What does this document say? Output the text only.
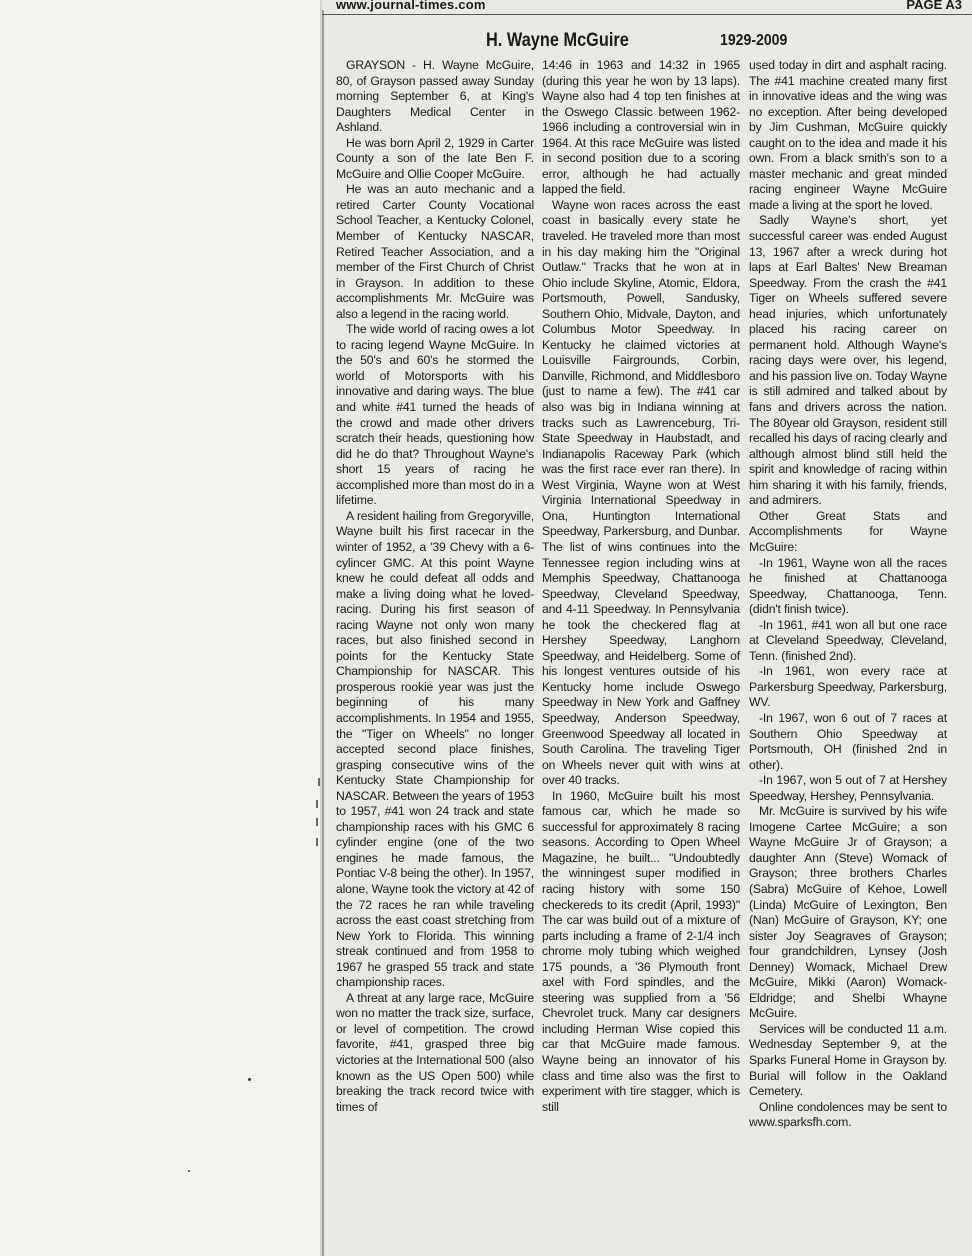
www.journal-times.com	PAGE A3
H. Wayne McGuire	1929-2009

GRAYSON - H. Wayne McGuire, 80, of Grayson passed away Sunday morning September 6, at King's Daughters Medical Center in Ashland.

He was born April 2, 1929 in Carter County a son of the late Ben F. McGuire and Ollie Cooper McGuire.

He was an auto mechanic and a retired Carter County Vocational School Teacher, a Kentucky Colonel, Member of Kentucky NASCAR, Retired Teacher Association, and a member of the First Church of Christ in Grayson. In addition to these accomplishments Mr. McGuire was also a legend in the racing world.

The wide world of racing owes a lot to racing legend Wayne McGuire. In the 50's and 60's he stormed the world of Motorsports with his innovative and daring ways. The blue and white #41 turned the heads of the crowd and made other drivers scratch their heads, questioning how did he do that? Throughout Wayne's short 15 years of racing he accomplished more than most do in a lifetime.

A resident hailing from Gregoryville, Wayne built his first racecar in the winter of 1952, a '39 Chevy with a 6-cylincer GMC. At this point Wayne knew he could defeat all odds and make a living doing what he loved-racing. During his first season of racing Wayne not only won many races, but also finished second in points for the Kentucky State Championship for NASCAR. This prosperous rookie year was just the beginning of his many accomplishments. In 1954 and 1955, the "Tiger on Wheels" no longer accepted second place finishes, grasping consecutive wins of the Kentucky State Championship for NASCAR. Between the years of 1953 to 1957, #41 won 24 track and state championship races with his GMC 6 cylinder engine (one of the two engines he made famous, the Pontiac V-8 being the other). In 1957, alone, Wayne took the victory at 42 of the 72 races he ran while traveling across the east coast stretching from New York to Florida. This winning streak continued and from 1958 to 1967 he grasped 55 track and state championship races.

A threat at any large race, McGuire won no matter the track size, surface, or level of competition. The crowd favorite, #41, grasped three big victories at the International 500 (also known as the US Open 500) while breaking the track record twice with times of

14:46 in 1963 and 14:32 in 1965 (during this year he won by 13 laps). Wayne also had 4 top ten finishes at the Oswego Classic between 1962-1966 including a controversial win in 1964. At this race McGuire was listed in second position due to a scoring error, although he had actually lapped the field.

Wayne won races across the east coast in basically every state he traveled. He traveled more than most in his day making him the "Original Outlaw." Tracks that he won at in Ohio include Skyline, Atomic, Eldora, Portsmouth, Powell, Sandusky, Southern Ohio, Midvale, Dayton, and Columbus Motor Speedway. In Kentucky he claimed victories at Louisville Fairgrounds, Corbin, Danville, Richmond, and Middlesboro (just to name a few). The #41 car also was big in Indiana winning at tracks such as Lawrenceburg, Tri-State Speedway in Haubstadt, and Indianapolis Raceway Park (which was the first race ever ran there). In West Virginia, Wayne won at West Virginia International Speedway in Ona, Huntington International Speedway, Parkersburg, and Dunbar. The list of wins continues into the Tennessee region including wins at Memphis Speedway, Chattanooga Speedway, Cleveland Speedway, and 4-11 Speedway. In Pennsylvania he took the checkered flag at Hershey Speedway, Langhorn Speedway, and Heidelberg. Some of his longest ventures outside of his Kentucky home include Oswego Speedway in New York and Gaffney Speedway, Anderson Speedway, Greenwood Speedway all located in South Carolina. The traveling Tiger on Wheels never quit with wins at over 40 tracks.

In 1960, McGuire built his most famous car, which he made so successful for approximately 8 racing seasons. According to Open Wheel Magazine, he built... "Undoubtedly the winningest super modified in racing history with some 150 checkereds to its credit (April, 1993)" The car was build out of a mixture of parts including a frame of 2-1/4 inch chrome moly tubing which weighed 175 pounds, a '36 Plymouth front axel with Ford spindles, and the steering was supplied from a '56 Chevrolet truck. Many car designers including Herman Wise copied this car that McGuire made famous. Wayne being an innovator of his class and time also was the first to experiment with tire stagger, which is still

used today in dirt and asphalt racing. The #41 machine created many first in innovative ideas and the wing was no exception. After being developed by Jim Cushman, McGuire quickly caught on to the idea and made it his own. From a black smith's son to a master mechanic and great minded racing engineer Wayne McGuire made a living at the sport he loved.

Sadly Wayne's short, yet successful career was ended August 13, 1967 after a wreck during hot laps at Earl Baltes' New Breaman Speedway. From the crash the #41 Tiger on Wheels suffered severe head injuries, which unfortunately placed his racing career on permanent hold. Although Wayne's racing days were over, his legend, and his passion live on. Today Wayne is still admired and talked about by fans and drivers across the nation. The 80year old Grayson, resident still recalled his days of racing clearly and although almost blind still held the spirit and knowledge of racing within him sharing it with his family, friends, and admirers.

Other Great Stats and Accomplishments for Wayne McGuire:

-In 1961, Wayne won all the races he finished at Chattanooga Speedway, Chattanooga, Tenn. (didn't finish twice).

-In 1961, #41 won all but one race at Cleveland Speedway, Cleveland, Tenn. (finished 2nd).

-In 1961, won every race at Parkersburg Speedway, Parkersburg, WV.

-In 1967, won 6 out of 7 races at Southern Ohio Speedway at Portsmouth, OH (finished 2nd in other).

-In 1967, won 5 out of 7 at Hershey Speedway, Hershey, Pennsylvania.

Mr. McGuire is survived by his wife Imogene Cartee McGuire; a son Wayne McGuire Jr of Grayson; a daughter Ann (Steve) Womack of Grayson; three brothers Charles (Sabra) McGuire of Kehoe, Lowell (Linda) McGuire of Lexington, Ben (Nan) McGuire of Grayson, KY; one sister Joy Seagraves of Grayson; four grandchildren, Lynsey (Josh Denney) Womack, Michael Drew McGuire, Mikki (Aaron) Womack-Eldridge; and Shelbi Whayne McGuire.

Services will be conducted 11 a.m. Wednesday September 9, at the Sparks Funeral Home in Grayson by. Burial will follow in the Oakland Cemetery.

Online condolences may be sent to www.sparksfh.com.
